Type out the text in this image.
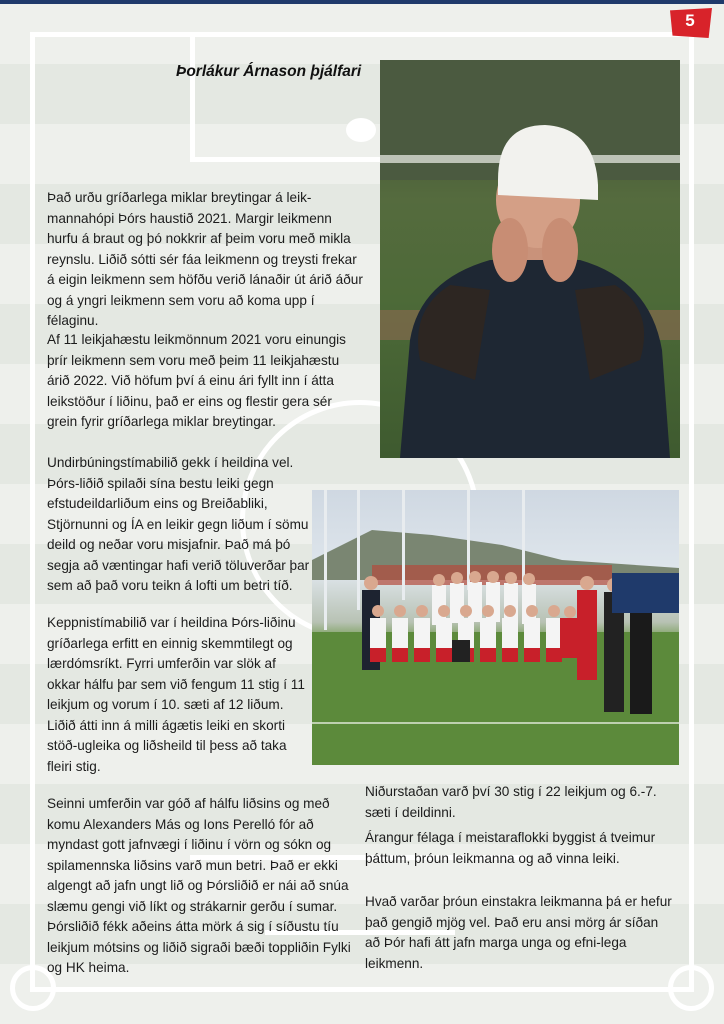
5
Þorlákur Árnason þjálfari
Það urðu gríðarlega miklar breytingar á leik-mannahópi Þórs haustið 2021. Margir leikmenn hurfu á braut og þó nokkrir af þeim voru með mikla reynslu. Liðið sótti sér fáa leikmenn og treysti frekar á eigin leikmenn sem höfðu verið lánaðir út árið áður og á yngri leikmenn sem voru að koma upp í félaginu.
Af 11 leikjahæstu leikmönnum 2021 voru einungis þrír leikmenn sem voru með þeim 11 leikjahæstu árið 2022. Við höfum því á einu ári fyllt inn í átta leikstöður í liðinu, það er eins og flestir gera sér grein fyrir gríðarlega miklar breytingar.
Undirbúningstímabilið gekk í heildina vel. Þórs-liðið spilaði sína bestu leiki gegn efstudeildarliðum eins og Breiðabliki, Stjörnunni og ÍA en leikir gegn liðum í sömu deild og neðar voru misjafnir. Það má þó segja að væntingar hafi verið töluverðar þar sem að það voru teikn á lofti um betri tíð.
Keppnistímabilið var í heildina Þórs-liðinu gríðarlega erfitt en einnig skemmtilegt og lærdómsríkt. Fyrri umferðin var slök af okkar hálfu þar sem við fengum 11 stig í 11 leikjum og vorum í 10. sæti af 12 liðum. Liðið átti inn á milli ágætis leiki en skorti stöð-ugleika og liðsheild til þess að taka fleiri stig.
Seinni umferðin var góð af hálfu liðsins og með komu Alexanders Más og Ions Perelló fór að myndast gott jafnvægi í liðinu í vörn og sókn og spilamennska liðsins varð mun betri. Það er ekki algengt að jafn ungt lið og Þórsliðið er nái að snúa slæmu gengi við líkt og strákarnir gerðu í sumar. Þórsliðið fékk aðeins átta mörk á sig í síðustu tíu leikjum mótsins og liðið sigraði bæði toppliðin Fylki og HK heima.
Niðurstaðan varð því 30 stig í 22 leikjum og 6.-7. sæti í deildinni.
Árangur félaga í meistaraflokki byggist á tveimur þáttum, þróun leikmanna og að vinna leiki.
Hvað varðar þróun einstakra leikmanna þá er hefur það gengið mjög vel. Það eru ansi mörg ár síðan að Þór hafi átt jafn marga unga og efni-lega leikmenn.
